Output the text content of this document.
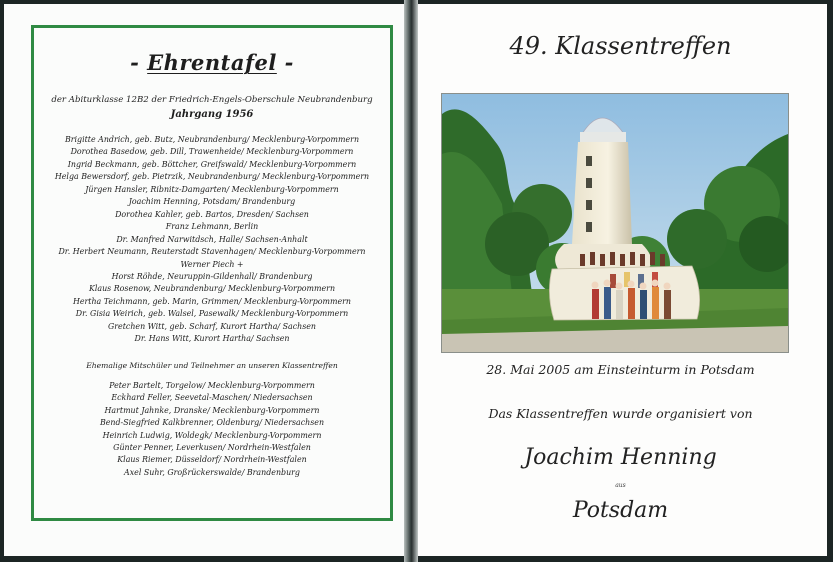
- Ehrentafel -
der Abiturklasse 12B2 der Friedrich-Engels-Oberschule Neubrandenburg
Jahrgang 1956
Brigitte Andrich, geb. Butz, Neubrandenburg/ Mecklenburg-Vorpommern
Dorothea Basedow, geb. Dill, Trawenheide/ Mecklenburg-Vorpommern
Ingrid Beckmann, geb. Böttcher, Greifswald/ Mecklenburg-Vorpommern
Helga Bewersdorf, geb. Pietrzik, Neubrandenburg/ Mecklenburg-Vorpommern
Jürgen Hansler, Ribnitz-Damgarten/ Mecklenburg-Vorpommern
Joachim Henning, Potsdam/ Brandenburg
Dorothea Kahler, geb. Bartos, Dresden/ Sachsen
Franz Lehmann, Berlin
Dr. Manfred Narwitdsch, Halle/ Sachsen-Anhalt
Dr. Herbert Neumann, Reuterstadt Stavenhagen/ Mecklenburg-Vorpommern
Werner Piech +
Horst Röhde, Neuruppin-Gildenhall/ Brandenburg
Klaus Rosenow, Neubrandenburg/ Mecklenburg-Vorpommern
Hertha Teichmann, geb. Marin, Grimmen/ Mecklenburg-Vorpommern
Dr. Gisia Weirich, geb. Walsel, Pasewalk/ Mecklenburg-Vorpommern
Gretchen Witt, geb. Scharf, Kurort Hartha/ Sachsen
Dr. Hans Witt, Kurort Hartha/ Sachsen
Ehemalige Mitschüler und Teilnehmer an unseren Klassentreffen
Peter Bartelt, Torgelow/ Mecklenburg-Vorpommern
Eckhard Feller, Seevetal-Maschen/ Niedersachsen
Hartmut Jahnke, Dranske/ Mecklenburg-Vorpommern
Bend-Siegfried Kalkbrenner, Oldenburg/ Niedersachsen
Heinrich Ludwig, Woldegk/ Mecklenburg-Vorpommern
Günter Penner, Leverkusen/ Nordrhein-Westfalen
Klaus Riemer, Düsseldorf/ Nordrhein-Westfalen
Axel Suhr, Großrückerswalde/ Brandenburg
49. Klassentreffen
28. Mai 2005 am Einsteinturm in Potsdam
Das Klassentreffen wurde organisiert von
Joachim Henning
aus
Potsdam
